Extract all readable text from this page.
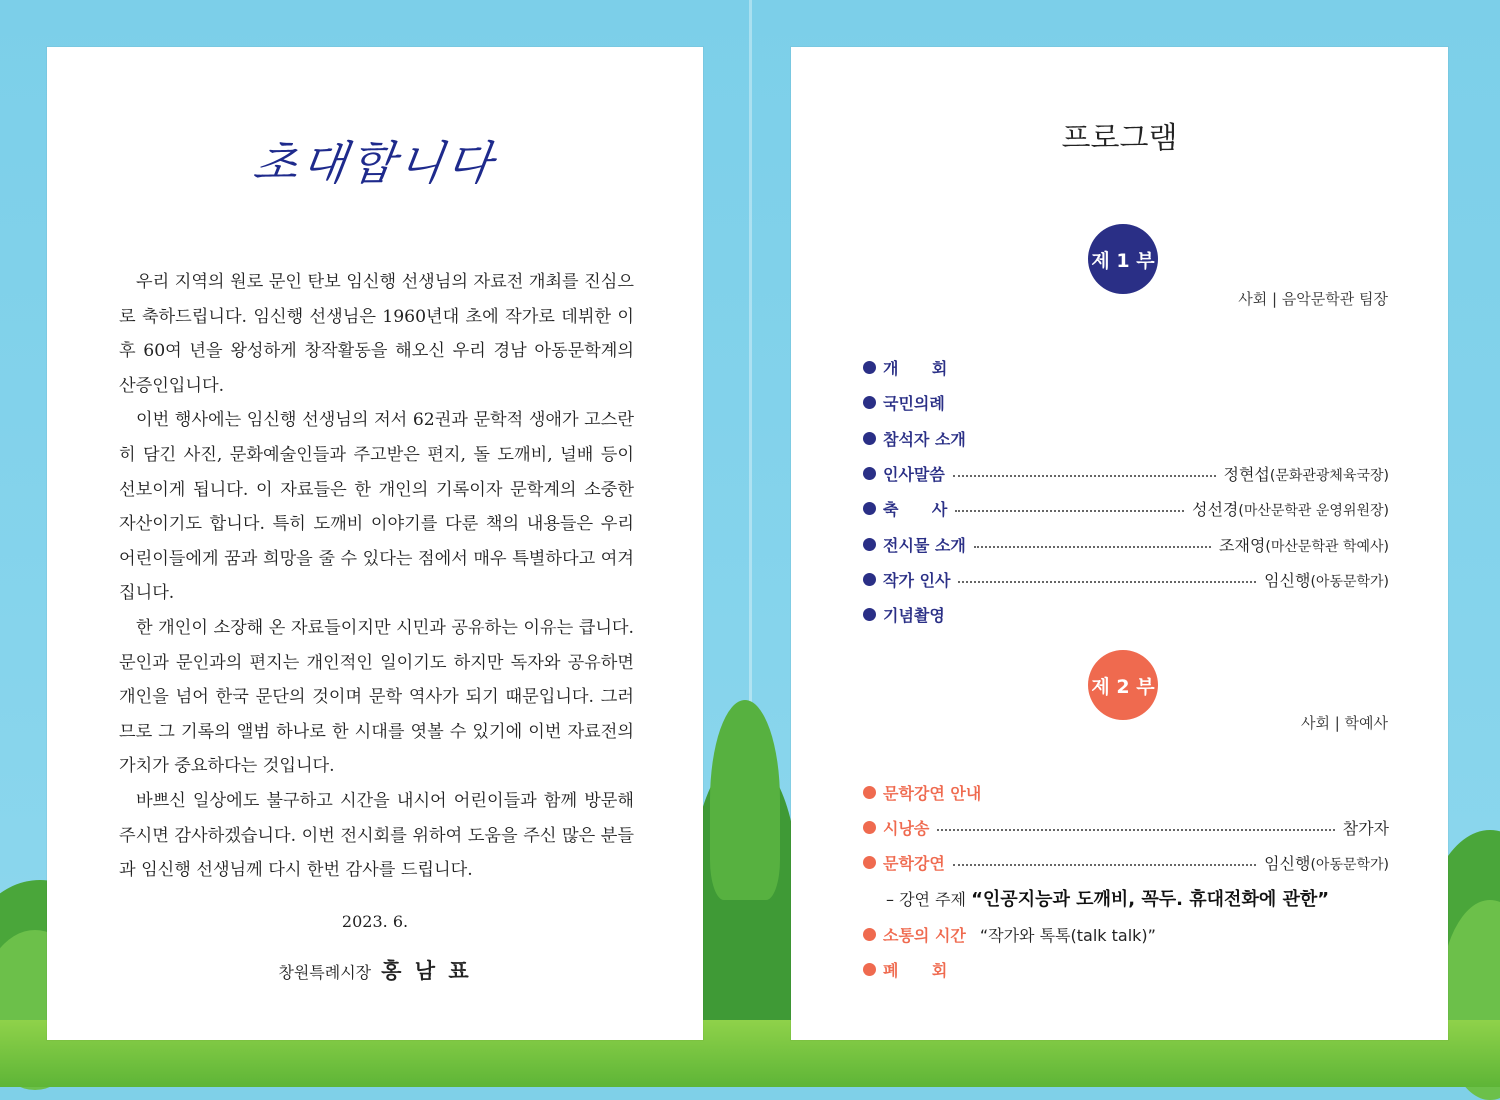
초대합니다

우리 지역의 원로 문인 탄보 임신행 선생님의 자료전 개최를 진심으로 축하드립니다. 임신행 선생님은 1960년대 초에 작가로 데뷔한 이후 60여 년을 왕성하게 창작활동을 해오신 우리 경남 아동문학계의 산증인입니다.

이번 행사에는 임신행 선생님의 저서 62권과 문학적 생애가 고스란히 담긴 사진, 문화예술인들과 주고받은 편지, 돌 도깨비, 널배 등이 선보이게 됩니다. 이 자료들은 한 개인의 기록이자 문학계의 소중한 자산이기도 합니다. 특히 도깨비 이야기를 다룬 책의 내용들은 우리 어린이들에게 꿈과 희망을 줄 수 있다는 점에서 매우 특별하다고 여겨집니다.

한 개인이 소장해 온 자료들이지만 시민과 공유하는 이유는 큽니다. 문인과 문인과의 편지는 개인적인 일이기도 하지만 독자와 공유하면 개인을 넘어 한국 문단의 것이며 문학 역사가 되기 때문입니다. 그러므로 그 기록의 앨범 하나로 한 시대를 엿볼 수 있기에 이번 자료전의 가치가 중요하다는 것입니다.

바쁘신 일상에도 불구하고 시간을 내시어 어린이들과 함께 방문해 주시면 감사하겠습니다. 이번 전시회를 위하여 도움을 주신 많은 분들과 임신행 선생님께 다시 한번 감사를 드립니다.

2023. 6.
창원특례시장 홍 남 표
프로그램
제 1 부
사회 | 음악문학관 팀장
개      회
국민의례
참석자 소개
인사말씀	정현섭(문화관광체육국장)
축      사	성선경(마산문학관 운영위원장)
전시물 소개	조재영(마산문학관 학예사)
작가 인사	임신행(아동문학가)
기념촬영
제 2 부
사회 | 학예사
문학강연 안내
시낭송	참가자
문학강연	임신행(아동문학가)
– 강연 주제 “인공지능과 도깨비, 꼭두. 휴대전화에 관한”
소통의 시간 “작가와 톡톡(talk talk)”
폐      회
